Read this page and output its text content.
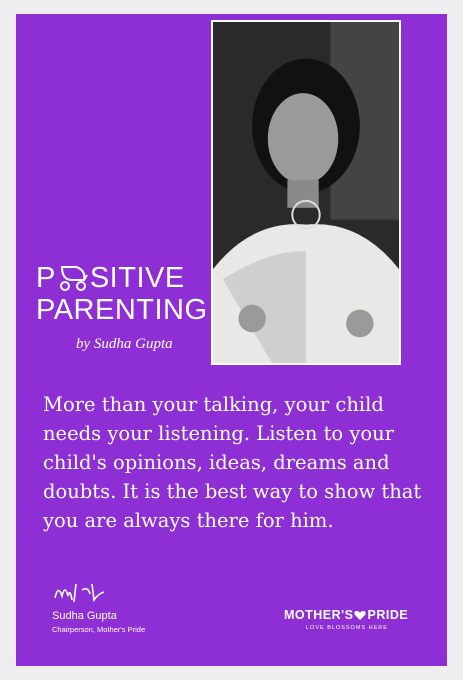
P SITIVE
PARENTING
by Sudha Gupta
More than your talking, your child needs your listening. Listen to your child's opinions, ideas, dreams and doubts. It is the best way to show that you are always there for him.
Sudha Gupta
Chairperson, Mother's Pride
MOTHER'S PRIDE
LOVE BLOSSOMS HERE
